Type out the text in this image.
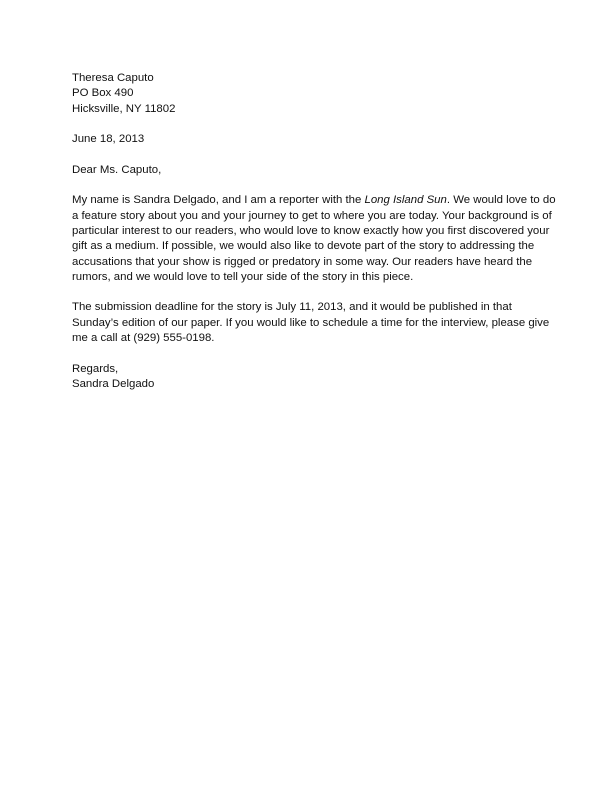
Theresa Caputo
PO Box 490
Hicksville, NY 11802
June 18, 2013
Dear Ms. Caputo,
My name is Sandra Delgado, and I am a reporter with the Long Island Sun. We would love to do
a feature story about you and your journey to get to where you are today. Your background is of
particular interest to our readers, who would love to know exactly how you first discovered your
gift as a medium. If possible, we would also like to devote part of the story to addressing the
accusations that your show is rigged or predatory in some way. Our readers have heard the
rumors, and we would love to tell your side of the story in this piece.
The submission deadline for the story is July 11, 2013, and it would be published in that
Sunday’s edition of our paper. If you would like to schedule a time for the interview, please give
me a call at (929) 555-0198.
Regards,
Sandra Delgado
